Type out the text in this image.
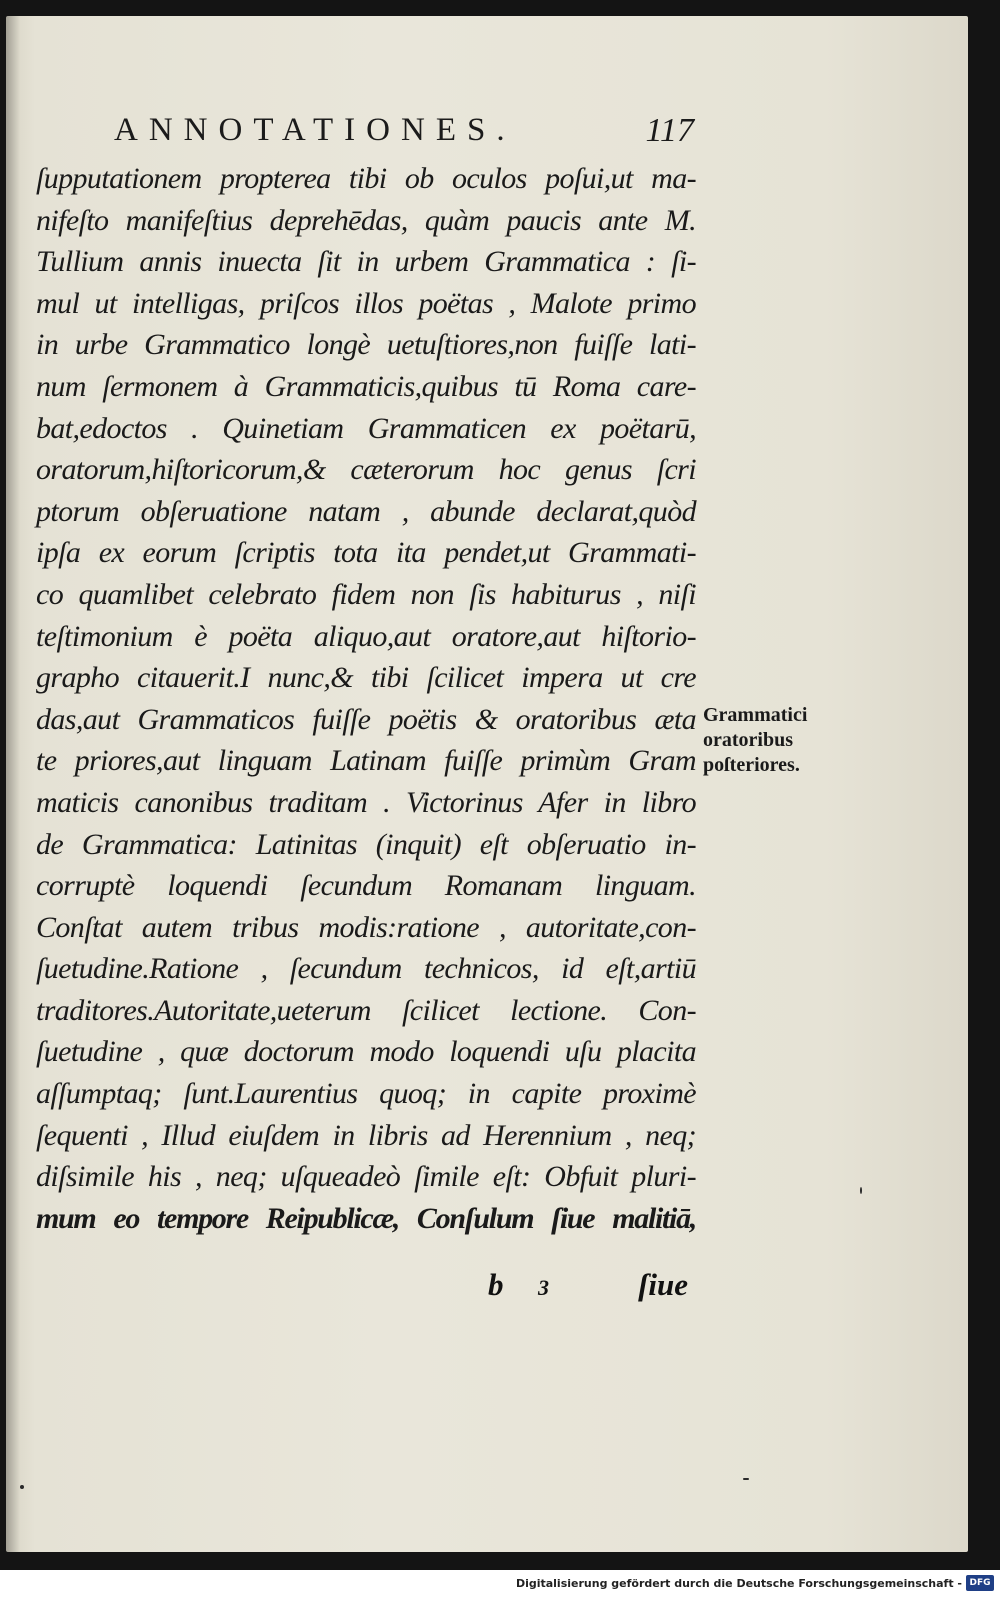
ANNOTATIONES.	117
ſupputationem propterea tibi ob oculos poſui,ut ma-
nifeſto manifeſtius deprehēdas, quàm paucis ante M.
Tullium annis inuecta ſit in urbem Grammatica : ſi-
mul ut intelligas, priſcos illos poëtas , Malote primo
in urbe Grammatico longè uetuſtiores,non fuiſſe lati-
num ſermonem à Grammaticis,quibus tū Roma care-
bat,edoctos . Quinetiam Grammaticen ex poëtarū,
oratorum,hiſtoricorum,& cæterorum hoc genus ſcri
ptorum obſeruatione natam , abunde declarat,quòd
ipſa ex eorum ſcriptis tota ita pendet,ut Grammati-
co quamlibet celebrato fidem non ſis habiturus , niſi
teſtimonium è poëta aliquo,aut oratore,aut hiſtorio-
grapho citauerit.I nunc,& tibi ſcilicet impera ut cre
das,aut Grammaticos fuiſſe poëtis & oratoribus æta
te priores,aut linguam Latinam fuiſſe primùm Gram
maticis canonibus traditam . Victorinus Afer in libro
de Grammatica: Latinitas (inquit) eſt obſeruatio in-
corruptè loquendi ſecundum Romanam linguam.
Conſtat autem tribus modis:ratione , autoritate,con-
ſuetudine.Ratione , ſecundum technicos, id eſt,artiū
traditores.Autoritate,ueterum ſcilicet lectione. Con-
ſuetudine , quæ doctorum modo loquendi uſu placita
aſſumptaq; ſunt.Laurentius quoq; in capite proximè
ſequenti , Illud eiuſdem in libris ad Herennium , neq;
diſsimile his , neq; uſqueadeò ſimile eſt: Obfuit pluri-
mum eo tempore Reipublicæ, Conſulum ſiue malitiā,
Grammatici
oratoribus
poſteriores.
b 3	ſiue
Digitalisierung gefördert durch die Deutsche Forschungsgemeinschaft - DFG
